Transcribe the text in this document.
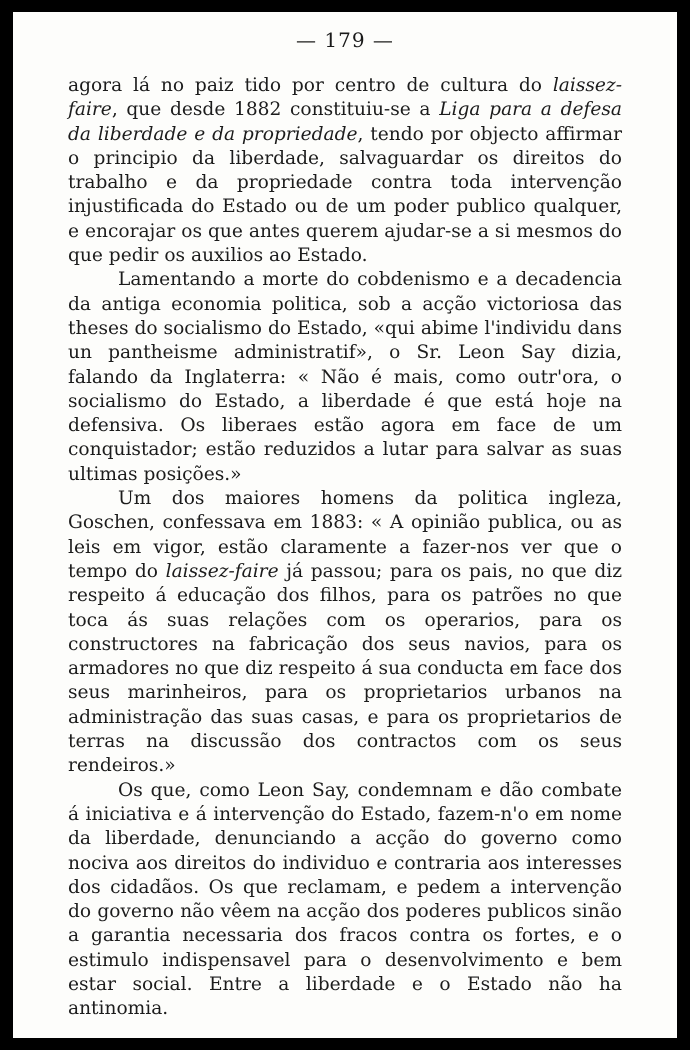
— 179 —

agora lá no paiz tido por centro de cultura do laissez-faire, que desde 1882 constituiu-se a Liga para a defesa da liberdade e da propriedade, tendo por objecto affirmar o principio da liberdade, salvaguardar os direitos do trabalho e da propriedade contra toda intervenção injustificada do Estado ou de um poder publico qualquer, e encorajar os que antes querem ajudar-se a si mesmos do que pedir os auxilios ao Estado.

Lamentando a morte do cobdenismo e a decadencia da antiga economia politica, sob a acção victoriosa das theses do socialismo do Estado, «qui abime l'individu dans un pantheisme administratif», o Sr. Leon Say dizia, falando da Inglaterra: « Não é mais, como outr'ora, o socialismo do Estado, a liberdade é que está hoje na defensiva. Os liberaes estão agora em face de um conquistador; estão reduzidos a lutar para salvar as suas ultimas posições.»

Um dos maiores homens da politica ingleza, Goschen, confessava em 1883: « A opinião publica, ou as leis em vigor, estão claramente a fazer-nos ver que o tempo do laissez-faire já passou; para os pais, no que diz respeito á educação dos filhos, para os patrões no que toca ás suas relações com os operarios, para os constructores na fabricação dos seus navios, para os armadores no que diz respeito á sua conducta em face dos seus marinheiros, para os proprietarios urbanos na administração das suas casas, e para os proprietarios de terras na discussão dos contractos com os seus rendeiros.»

Os que, como Leon Say, condemnam e dão combate á iniciativa e á intervenção do Estado, fazem-n'o em nome da liberdade, denunciando a acção do governo como nociva aos direitos do individuo e contraria aos interesses dos cidadãos. Os que reclamam, e pedem a intervenção do governo não vêem na acção dos poderes publicos sinão a garantia necessaria dos fracos contra os fortes, e o estimulo indispensavel para o desenvolvimento e bem estar social. Entre a liberdade e o Estado não ha antinomia.
